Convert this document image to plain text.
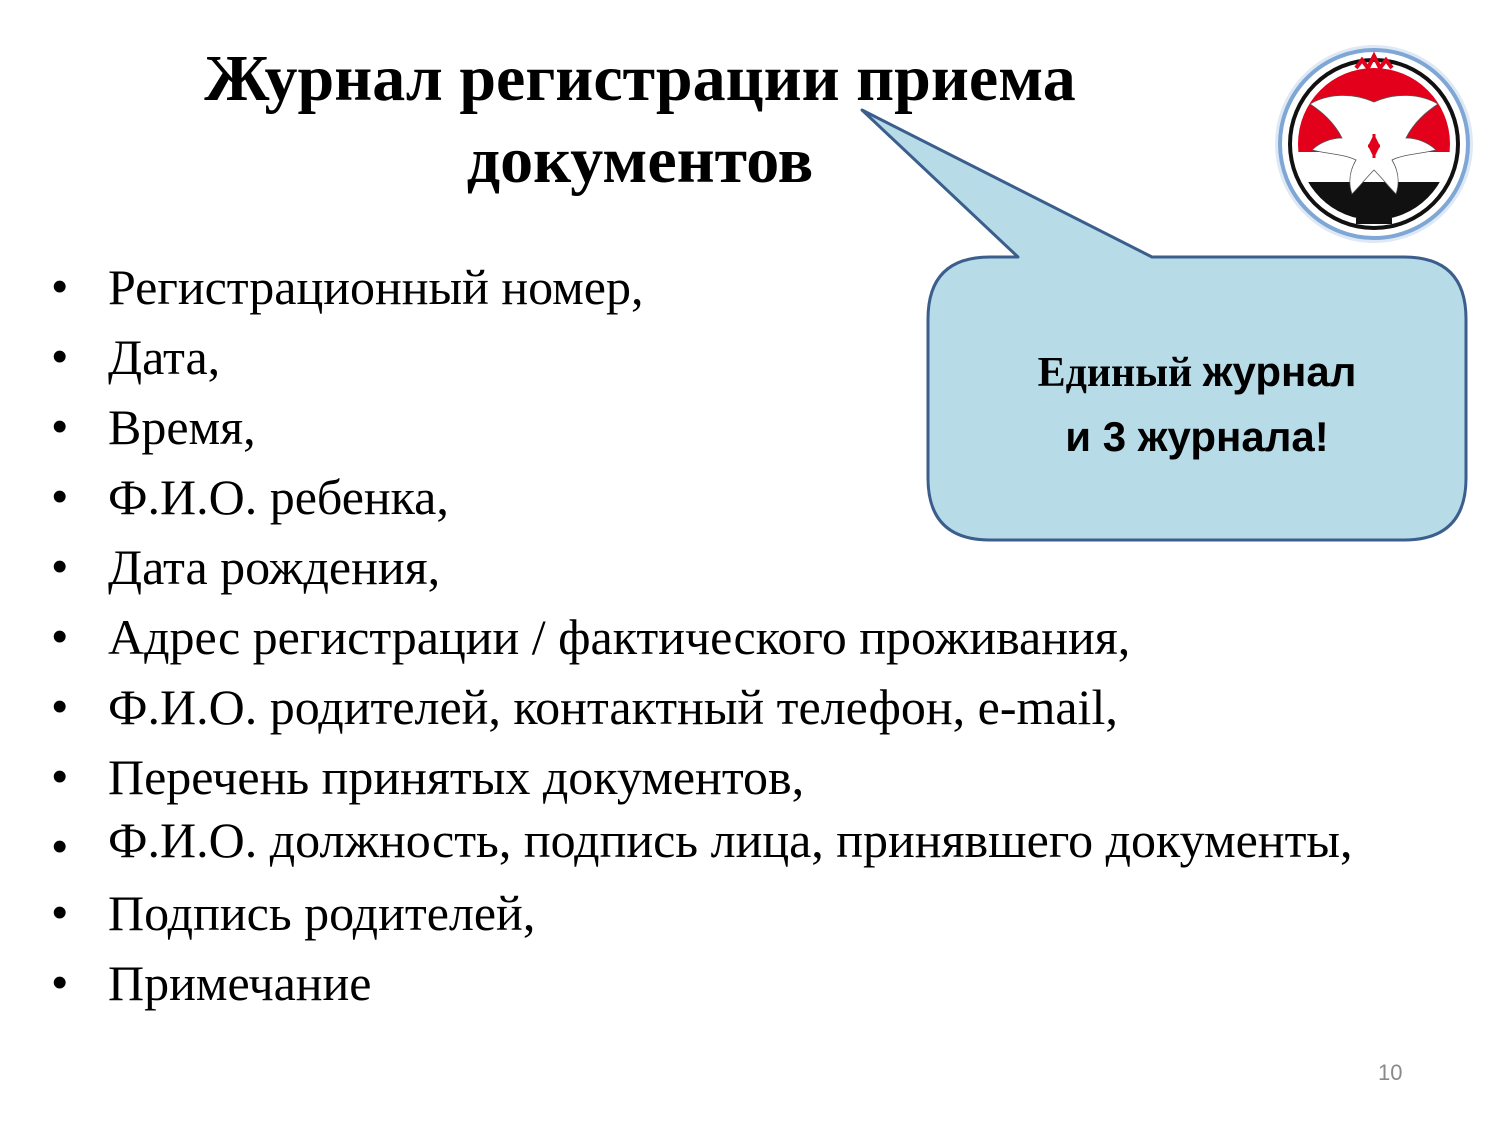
Журнал регистрации приема
документов
Единый журнал
и 3 журнала!
• Регистрационный номер,
• Дата,
• Время,
• Ф.И.О. ребенка,
• Дата рождения,
• Адрес регистрации / фактического проживания,
• Ф.И.О. родителей, контактный телефон, e-mail,
• Перечень принятых документов,
• Ф.И.О. должность, подпись лица, принявшего документы,
• Подпись родителей,
• Примечание
10
